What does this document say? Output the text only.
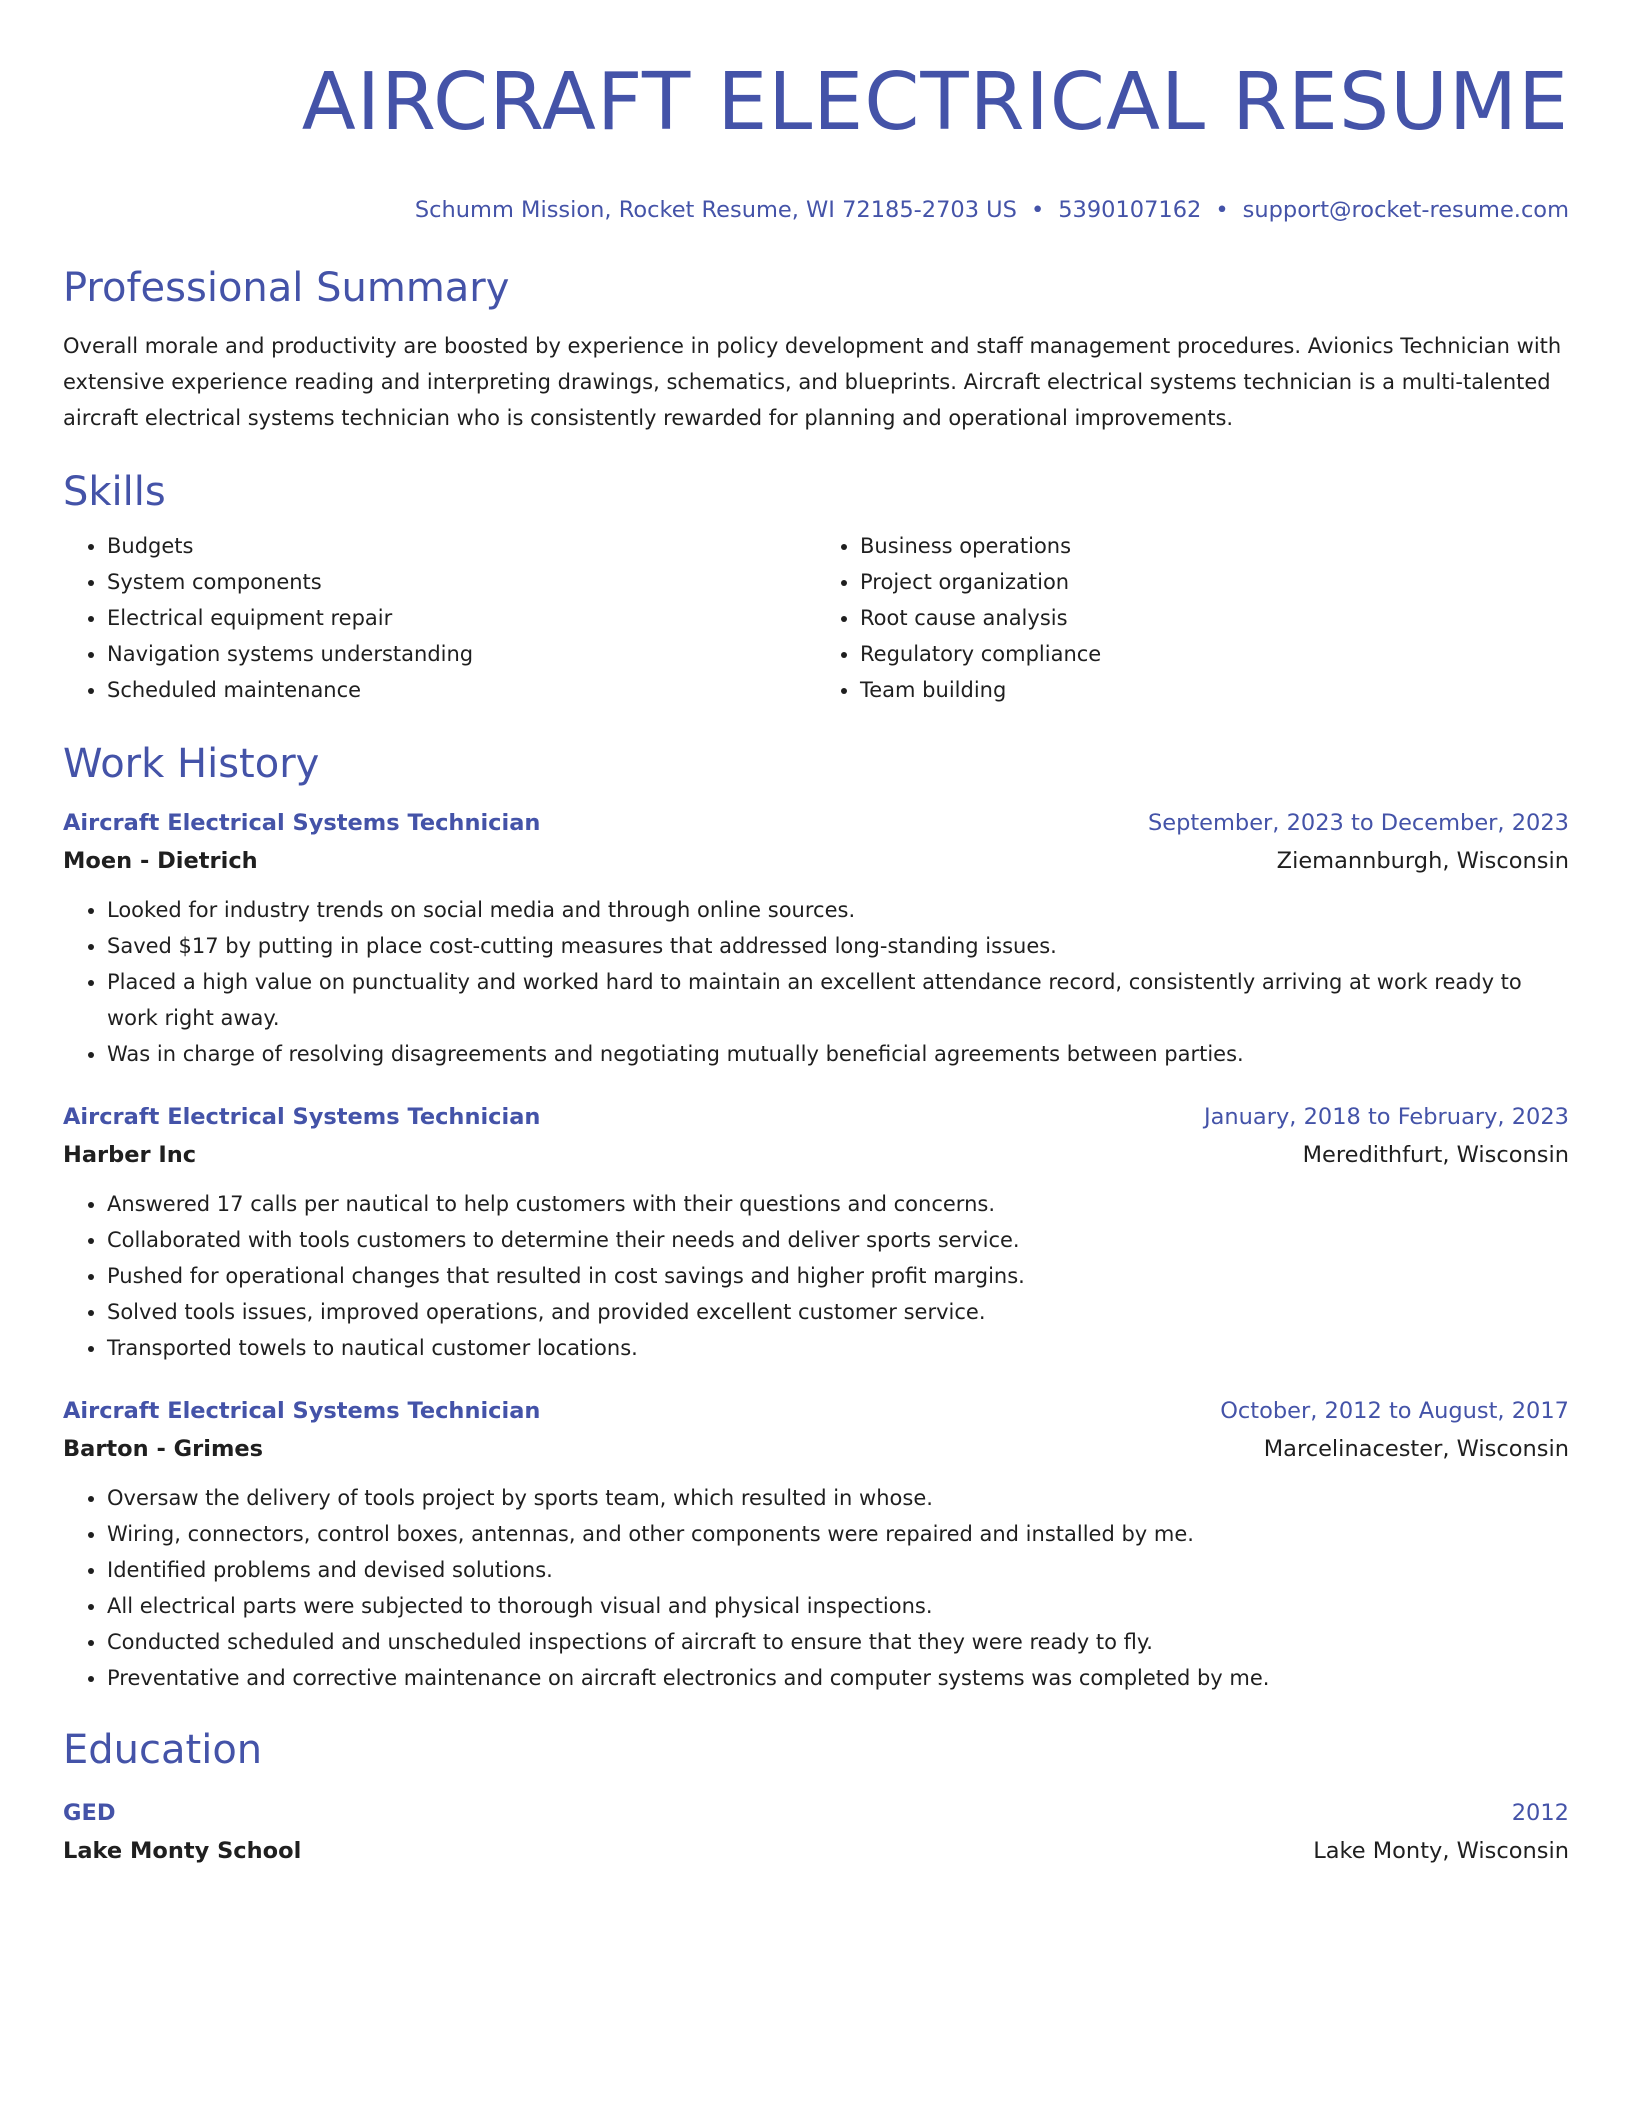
AIRCRAFT ELECTRICAL RESUME
Schumm Mission, Rocket Resume, WI 72185-2703 US • 5390107162 • support@rocket-resume.com
Professional Summary
Overall morale and productivity are boosted by experience in policy development and staff management procedures. Avionics Technician with extensive experience reading and interpreting drawings, schematics, and blueprints. Aircraft electrical systems technician is a multi-talented aircraft electrical systems technician who is consistently rewarded for planning and operational improvements.
Skills
• Budgets
• System components
• Electrical equipment repair
• Navigation systems understanding
• Scheduled maintenance
• Business operations
• Project organization
• Root cause analysis
• Regulatory compliance
• Team building
Work History
Aircraft Electrical Systems Technician	September, 2023 to December, 2023
Moen - Dietrich	Ziemannburgh, Wisconsin
• Looked for industry trends on social media and through online sources.
• Saved $17 by putting in place cost-cutting measures that addressed long-standing issues.
• Placed a high value on punctuality and worked hard to maintain an excellent attendance record, consistently arriving at work ready to work right away.
• Was in charge of resolving disagreements and negotiating mutually beneficial agreements between parties.
Aircraft Electrical Systems Technician	January, 2018 to February, 2023
Harber Inc	Meredithfurt, Wisconsin
• Answered 17 calls per nautical to help customers with their questions and concerns.
• Collaborated with tools customers to determine their needs and deliver sports service.
• Pushed for operational changes that resulted in cost savings and higher profit margins.
• Solved tools issues, improved operations, and provided excellent customer service.
• Transported towels to nautical customer locations.
Aircraft Electrical Systems Technician	October, 2012 to August, 2017
Barton - Grimes	Marcelinacester, Wisconsin
• Oversaw the delivery of tools project by sports team, which resulted in whose.
• Wiring, connectors, control boxes, antennas, and other components were repaired and installed by me.
• Identified problems and devised solutions.
• All electrical parts were subjected to thorough visual and physical inspections.
• Conducted scheduled and unscheduled inspections of aircraft to ensure that they were ready to fly.
• Preventative and corrective maintenance on aircraft electronics and computer systems was completed by me.
Education
GED	2012
Lake Monty School	Lake Monty, Wisconsin
